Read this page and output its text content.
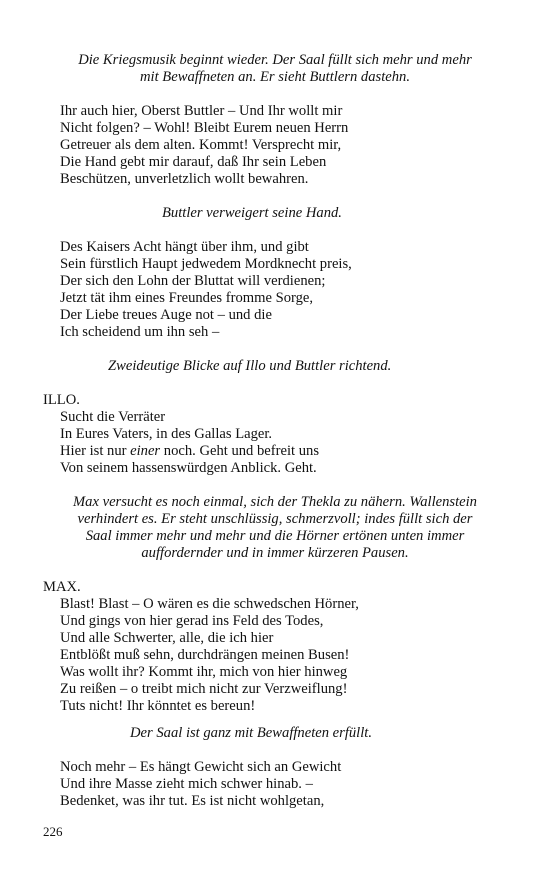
Die Kriegsmusik beginnt wieder. Der Saal füllt sich mehr und mehr
mit Bewaffneten an. Er sieht Buttlern dastehn.
Ihr auch hier, Oberst Buttler – Und Ihr wollt mir
Nicht folgen? – Wohl! Bleibt Eurem neuen Herrn
Getreuer als dem alten. Kommt! Versprecht mir,
Die Hand gebt mir darauf, daß Ihr sein Leben
Beschützen, unverletzlich wollt bewahren.
Buttler verweigert seine Hand.
Des Kaisers Acht hängt über ihm, und gibt
Sein fürstlich Haupt jedwedem Mordknecht preis,
Der sich den Lohn der Bluttat will verdienen;
Jetzt tät ihm eines Freundes fromme Sorge,
Der Liebe treues Auge not – und die
Ich scheidend um ihn seh –
Zweideutige Blicke auf Illo und Buttler richtend.
ILLO.
Sucht die Verräter
In Eures Vaters, in des Gallas Lager.
Hier ist nur einer noch. Geht und befreit uns
Von seinem hassenswürdgen Anblick. Geht.
Max versucht es noch einmal, sich der Thekla zu nähern. Wallenstein
verhindert es. Er steht unschlüssig, schmerzvoll; indes füllt sich der
Saal immer mehr und mehr und die Hörner ertönen unten immer
auffordernder und in immer kürzeren Pausen.
MAX.
Blast! Blast – O wären es die schwedschen Hörner,
Und gings von hier gerad ins Feld des Todes,
Und alle Schwerter, alle, die ich hier
Entblößt muß sehn, durchdrängen meinen Busen!
Was wollt ihr? Kommt ihr, mich von hier hinweg
Zu reißen – o treibt mich nicht zur Verzweiflung!
Tuts nicht! Ihr könntet es bereun!
Der Saal ist ganz mit Bewaffneten erfüllt.
Noch mehr – Es hängt Gewicht sich an Gewicht
Und ihre Masse zieht mich schwer hinab. –
Bedenket, was ihr tut. Es ist nicht wohlgetan,
226
